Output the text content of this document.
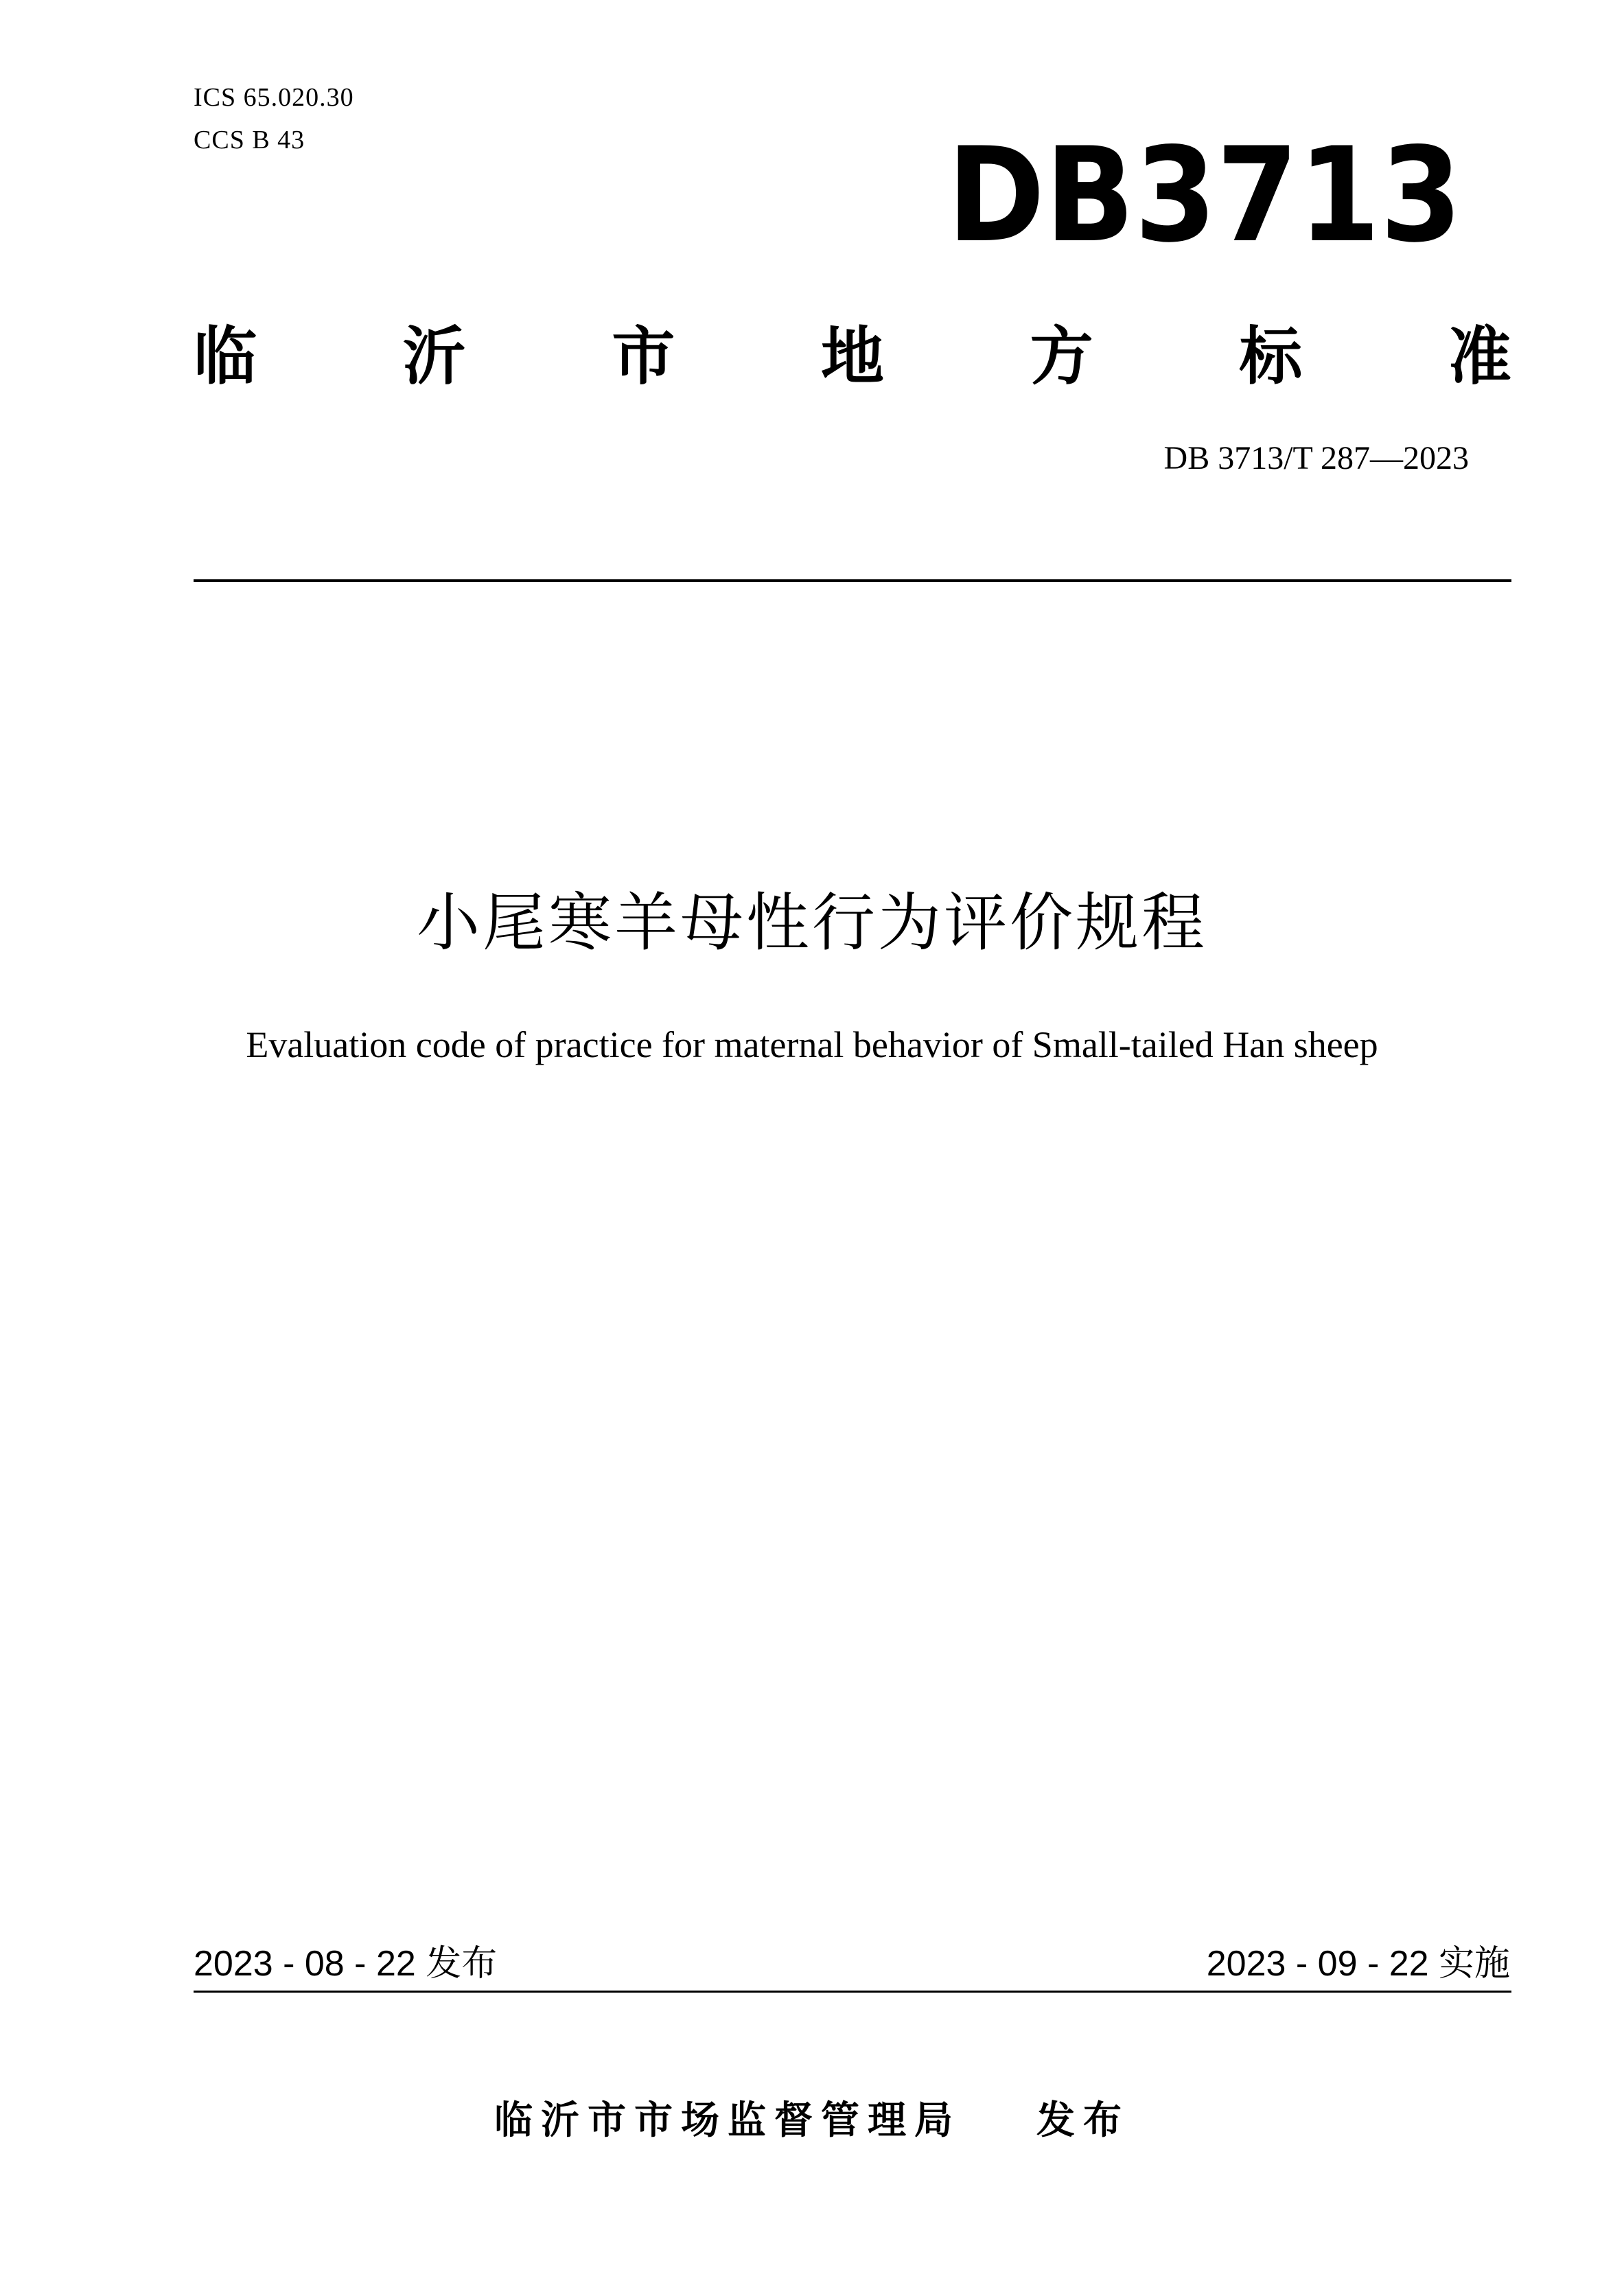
ICS 65.020.30
CCS B 43	DB3713
临 沂 市 地 方 标 准
DB 3713/T 287—2023
小尾寒羊母性行为评价规程
Evaluation code of practice for maternal behavior of Small-tailed Han sheep
2023 - 08 - 22 发布	2023 - 09 - 22 实施
临沂市市场监督管理局 发布
